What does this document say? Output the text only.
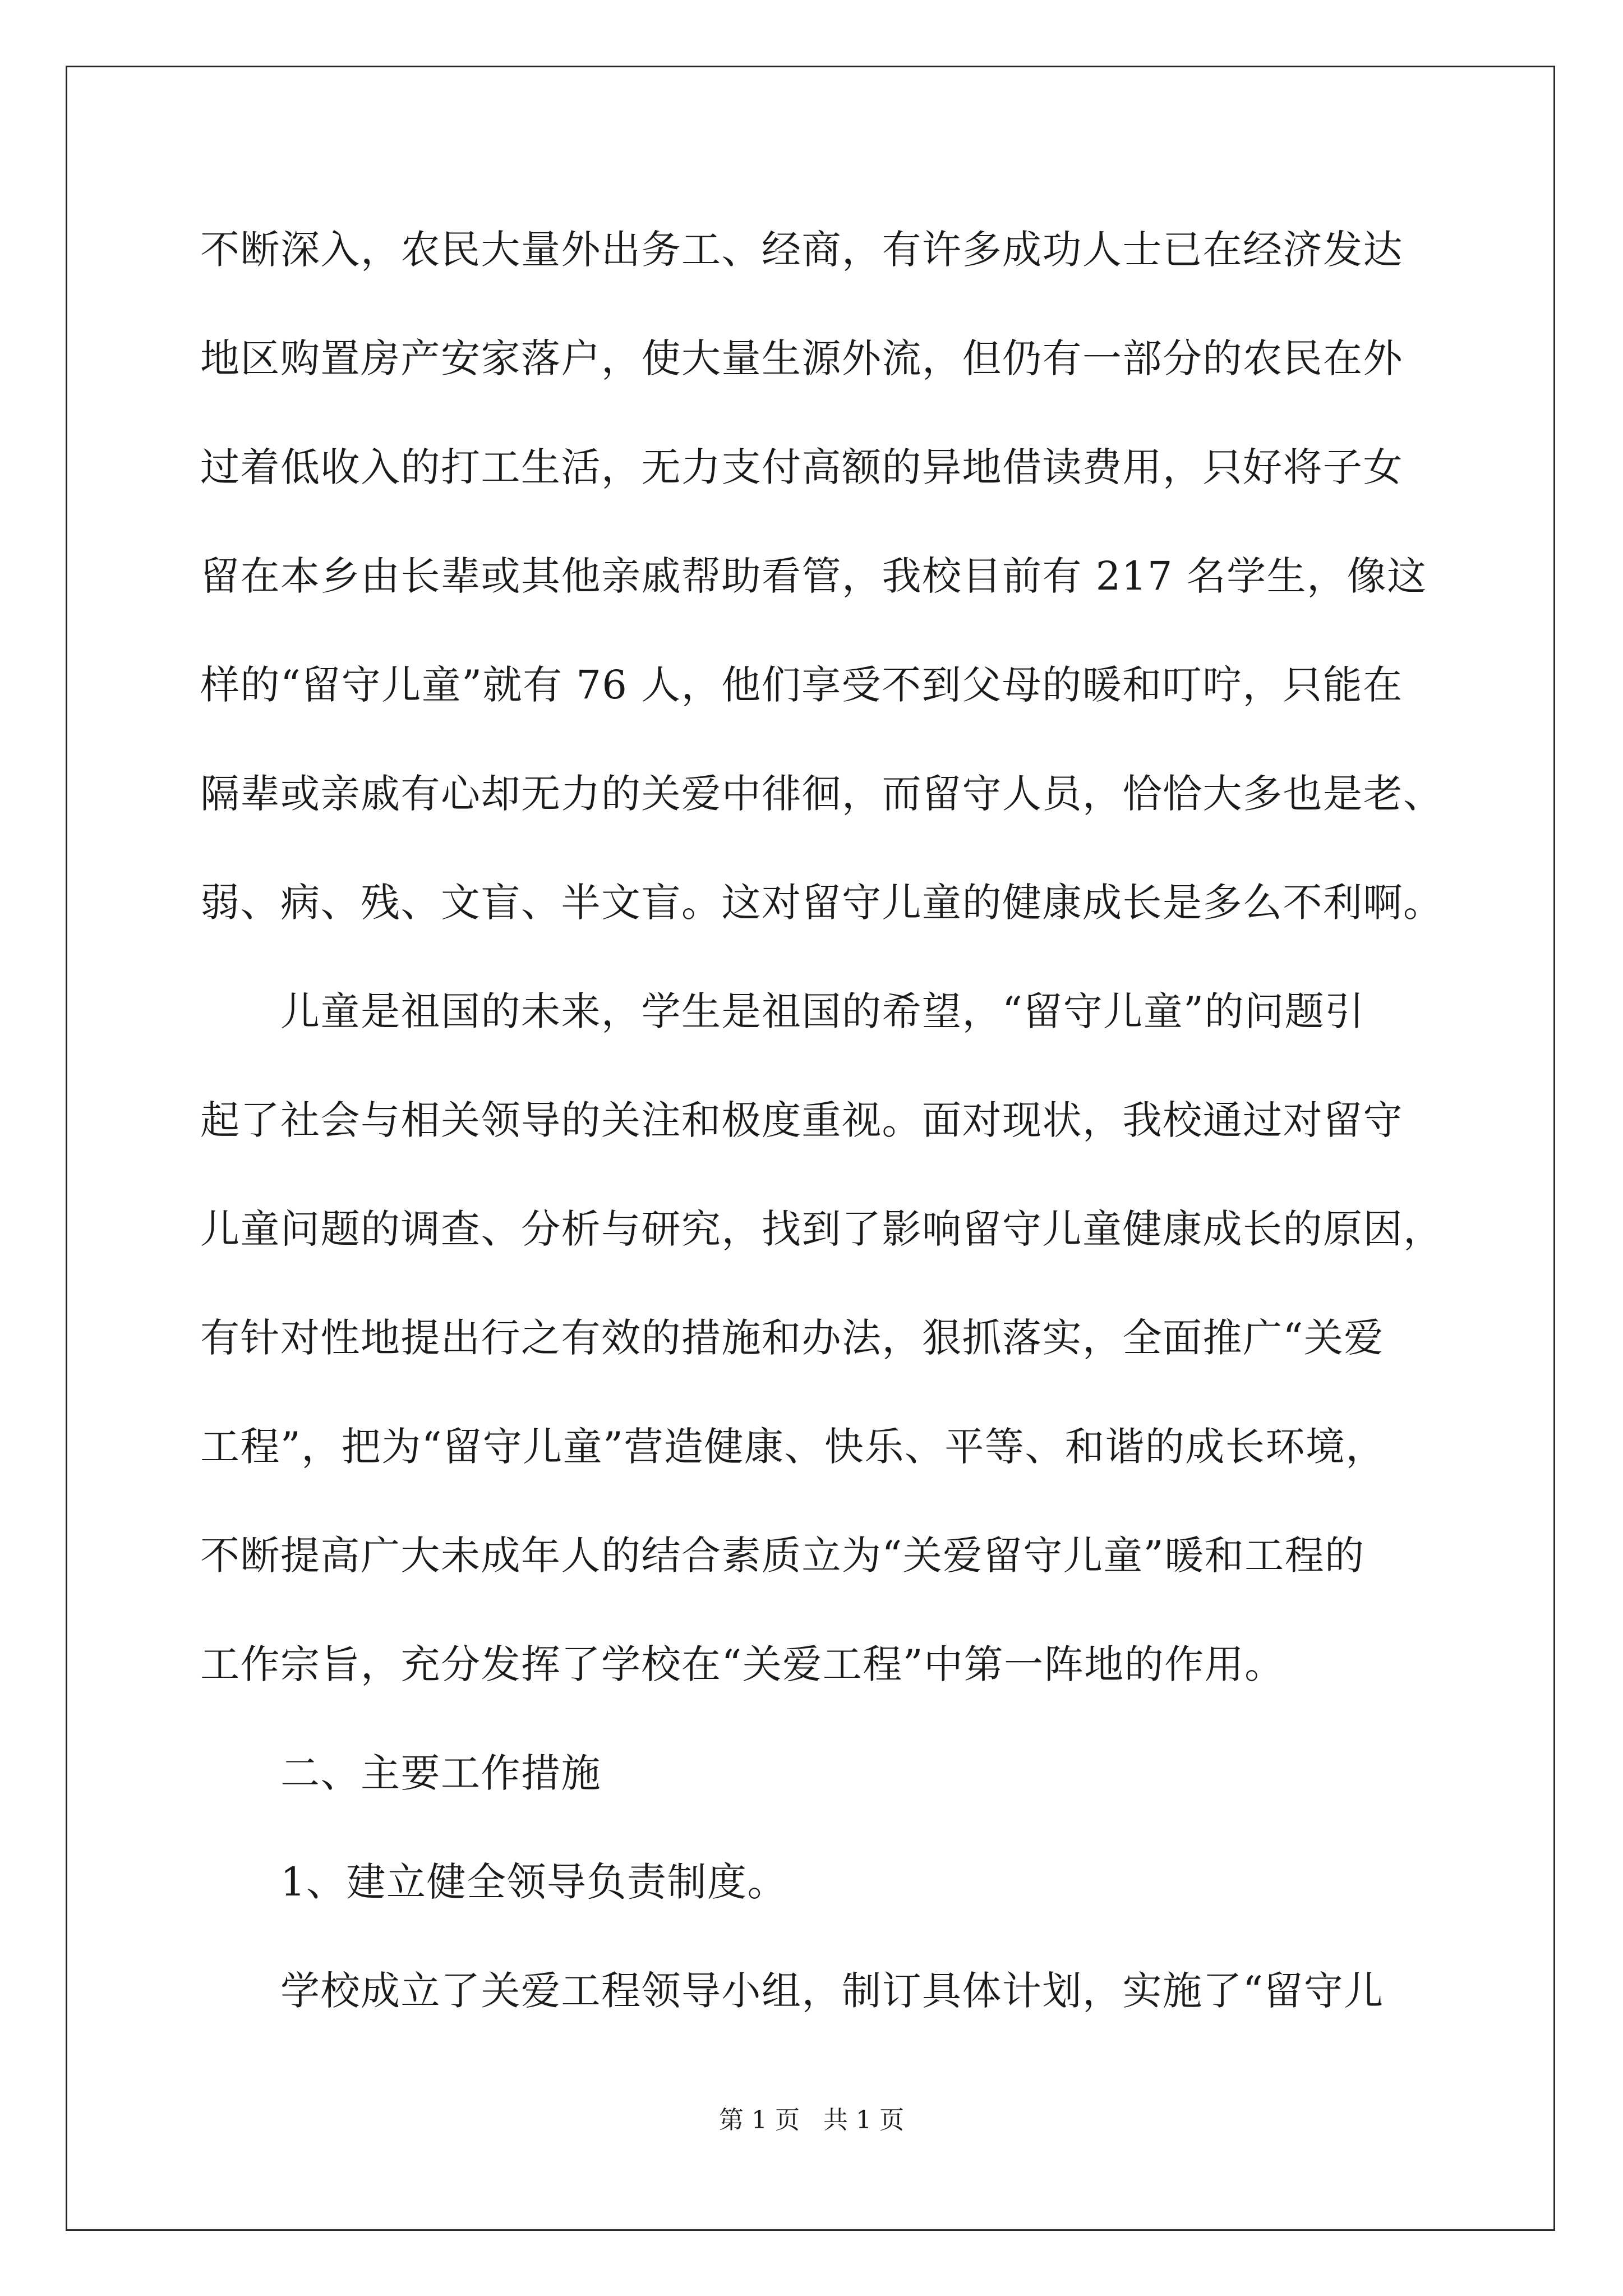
不断深入，农民大量外出务工、经商，有许多成功人士已在经济发达
地区购置房产安家落户，使大量生源外流，但仍有一部分的农民在外
过着低收入的打工生活，无力支付高额的异地借读费用，只好将子女
留在本乡由长辈或其他亲戚帮助看管，我校目前有 217 名学生，像这
样的“留守儿童”就有 76 人，他们享受不到父母的暖和叮咛，只能在
隔辈或亲戚有心却无力的关爱中徘徊，而留守人员，恰恰大多也是老、
弱、病、残、文盲、半文盲。这对留守儿童的健康成长是多么不利啊。
儿童是祖国的未来，学生是祖国的希望，“留守儿童”的问题引
起了社会与相关领导的关注和极度重视。面对现状，我校通过对留守
儿童问题的调查、分析与研究，找到了影响留守儿童健康成长的原因，
有针对性地提出行之有效的措施和办法，狠抓落实，全面推广“关爱
工程”，把为“留守儿童”营造健康、快乐、平等、和谐的成长环境，
不断提高广大未成年人的结合素质立为“关爱留守儿童”暖和工程的
工作宗旨，充分发挥了学校在“关爱工程”中第一阵地的作用。
二、主要工作措施
1、建立健全领导负责制度。
学校成立了关爱工程领导小组，制订具体计划，实施了“留守儿
第 1 页   共 1 页
